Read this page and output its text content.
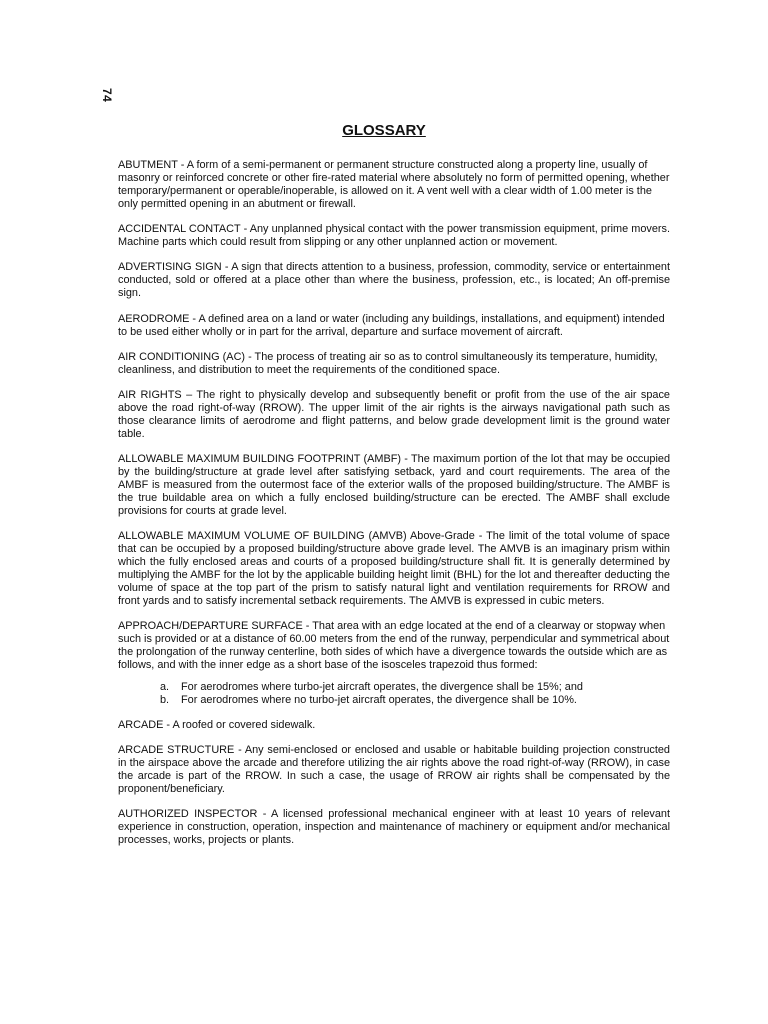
74
GLOSSARY

ABUTMENT - A form of a semi-permanent or permanent structure constructed along a property line, usually of masonry or reinforced concrete or other fire-rated material where absolutely no form of permitted opening, whether temporary/permanent or operable/inoperable, is allowed on it. A vent well with a clear width of 1.00 meter is the only permitted opening in an abutment or firewall.

ACCIDENTAL CONTACT - Any unplanned physical contact with the power transmission equipment, prime movers. Machine parts which could result from slipping or any other unplanned action or movement.

ADVERTISING SIGN - A sign that directs attention to a business, profession, commodity, service or entertainment conducted, sold or offered at a place other than where the business, profession, etc., is located; An off-premise sign.

AERODROME - A defined area on a land or water (including any buildings, installations, and equipment) intended to be used either wholly or in part for the arrival, departure and surface movement of aircraft.

AIR CONDITIONING (AC) - The process of treating air so as to control simultaneously its temperature, humidity, cleanliness, and distribution to meet the requirements of the conditioned space.

AIR RIGHTS – The right to physically develop and subsequently benefit or profit from the use of the air space above the road right-of-way (RROW). The upper limit of the air rights is the airways navigational path such as those clearance limits of aerodrome and flight patterns, and below grade development limit is the ground water table.

ALLOWABLE MAXIMUM BUILDING FOOTPRINT (AMBF) - The maximum portion of the lot that may be occupied by the building/structure at grade level after satisfying setback, yard and court requirements. The area of the AMBF is measured from the outermost face of the exterior walls of the proposed building/structure. The AMBF is the true buildable area on which a fully enclosed building/structure can be erected. The AMBF shall exclude provisions for courts at grade level.

ALLOWABLE MAXIMUM VOLUME OF BUILDING (AMVB) Above-Grade - The limit of the total volume of space that can be occupied by a proposed building/structure above grade level. The AMVB is an imaginary prism within which the fully enclosed areas and courts of a proposed building/structure shall fit. It is generally determined by multiplying the AMBF for the lot by the applicable building height limit (BHL) for the lot and thereafter deducting the volume of space at the top part of the prism to satisfy natural light and ventilation requirements for RROW and front yards and to satisfy incremental setback requirements. The AMVB is expressed in cubic meters.

APPROACH/DEPARTURE SURFACE - That area with an edge located at the end of a clearway or stopway when such is provided or at a distance of 60.00 meters from the end of the runway, perpendicular and symmetrical about the prolongation of the runway centerline, both sides of which have a divergence towards the outside which are as follows, and with the inner edge as a short base of the isosceles trapezoid thus formed:

a.	For aerodromes where turbo-jet aircraft operates, the divergence shall be 15%; and
b.	For aerodromes where no turbo-jet aircraft operates, the divergence shall be 10%.

ARCADE - A roofed or covered sidewalk.

ARCADE STRUCTURE - Any semi-enclosed or enclosed and usable or habitable building projection constructed in the airspace above the arcade and therefore utilizing the air rights above the road right-of-way (RROW), in case the arcade is part of the RROW. In such a case, the usage of RROW air rights shall be compensated by the proponent/beneficiary.

AUTHORIZED INSPECTOR - A licensed professional mechanical engineer with at least 10 years of relevant experience in construction, operation, inspection and maintenance of machinery or equipment and/or mechanical processes, works, projects or plants.
